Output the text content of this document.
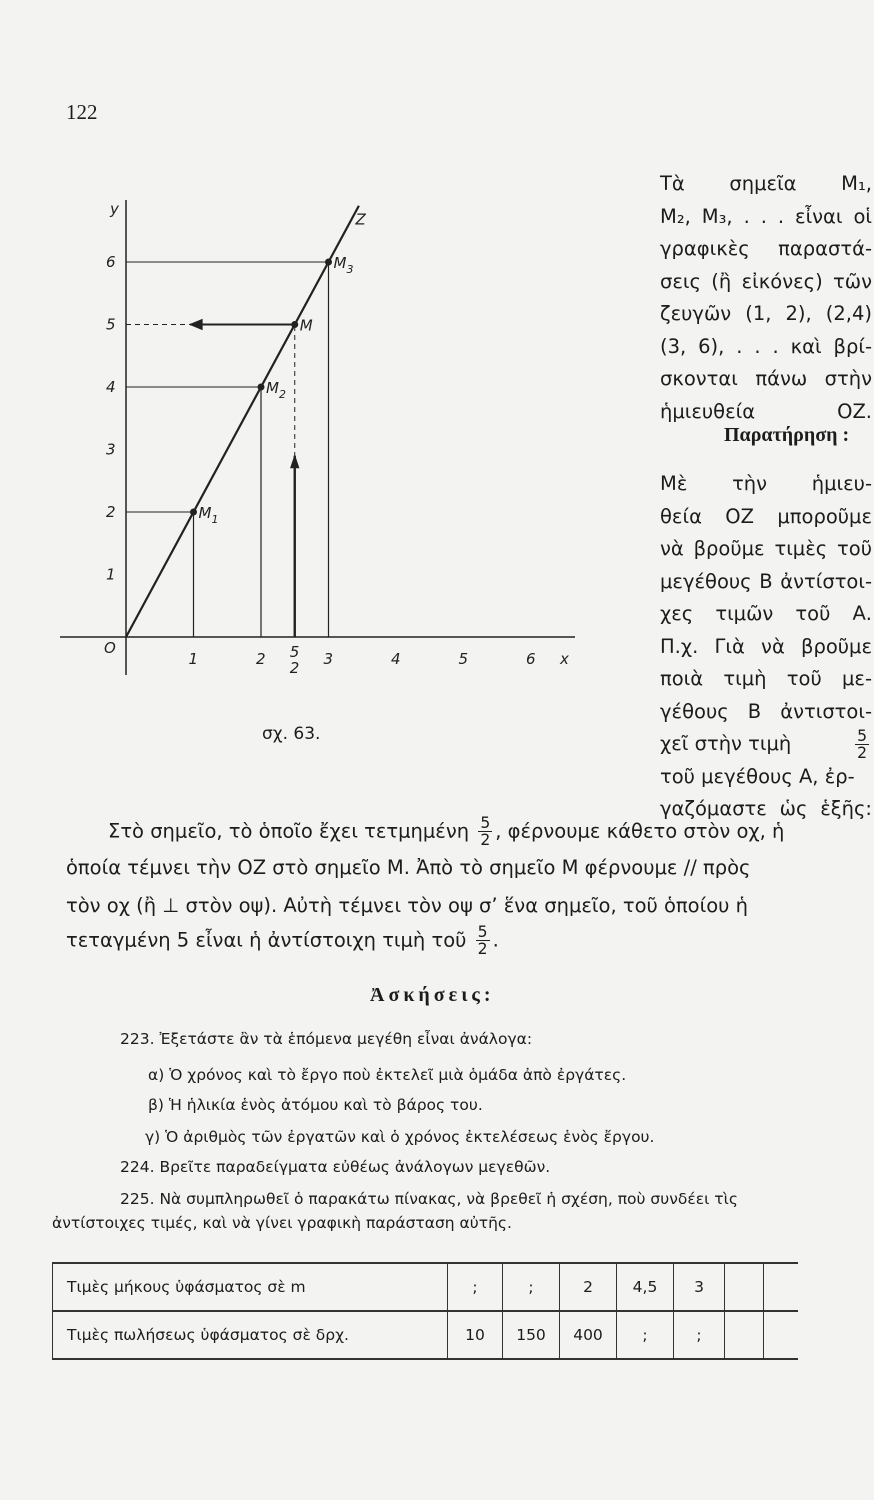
122
1	2	3	4	5	6
1
2
3
4
5
6
O
x
y
Z
5
2
$M_1$
$M_2$
M
$M_3$
σχ. 63.
Τὰ σημεῖα Μ₁,
Μ₂, Μ₃, . . . εἶναι οἱ
γραφικὲς παραστά-
σεις (ἢ εἰκόνες) τῶν
ζευγῶν (1, 2), (2,4)
(3, 6), . . . καὶ βρί-
σκονται πάνω στὴν
ἡμιευθεία ΟΖ.
Παρατήρηση :
Μὲ τὴν ἡμιευ-
θεία ΟΖ μποροῦμε
νὰ βροῦμε τιμὲς τοῦ
μεγέθους Β ἀντίστοι-
χες τιμῶν τοῦ Α.
Π.χ. Γιὰ νὰ βροῦμε
ποιὰ τιμὴ τοῦ με-
γέθους Β ἀντιστοι-
χεῖ στὴν τιμὴ	$\frac{5}{2}$
τοῦ μεγέθους Α, ἐρ-
γαζόμαστε ὡς ἑξῆς:
Στὸ σημεῖο, τὸ ὁποῖο ἔχει τετμημένη $\frac{5}{2}$ , φέρνουμε κάθετο στὸν οχ, ἡ
ὁποία τέμνει τὴν ΟΖ στὸ σημεῖο Μ. Ἀπὸ τὸ σημεῖο Μ φέρνουμε // πρὸς
τὸν οχ (ἢ ⊥ στὸν οψ). Αὐτὴ τέμνει τὸν οψ σ’ ἕνα σημεῖο, τοῦ ὁποίου ἡ
τεταγμένη 5 εἶναι ἡ ἀντίστοιχη τιμὴ τοῦ $\frac{5}{2}$ .
Ἀσκήσεις:
223. Ἐξετάστε ἂν τὰ ἑπόμενα μεγέθη εἶναι ἀνάλογα:
α) Ὁ χρόνος καὶ τὸ ἔργο ποὺ ἐκτελεῖ μιὰ ὁμάδα ἀπὸ ἐργάτες.
β) Ἡ ἡλικία ἑνὸς ἀτόμου καὶ τὸ βάρος του.
γ) Ὁ ἀριθμὸς τῶν ἐργατῶν καὶ ὁ χρόνος ἐκτελέσεως ἑνὸς ἔργου.
224. Βρεῖτε παραδείγματα εὐθέως ἀνάλογων μεγεθῶν.
225. Νὰ συμπληρωθεῖ ὁ παρακάτω πίνακας, νὰ βρεθεῖ ἡ σχέση, ποὺ συνδέει τὶς
ἀντίστοιχες τιμές, καὶ νὰ γίνει γραφικὴ παράσταση αὐτῆς.
Τιμὲς μήκους ὑφάσματος σὲ m	;	;	2	4,5	3		
Τιμὲς πωλήσεως ὑφάσματος σὲ δρχ.	10	150	400	;	;		
